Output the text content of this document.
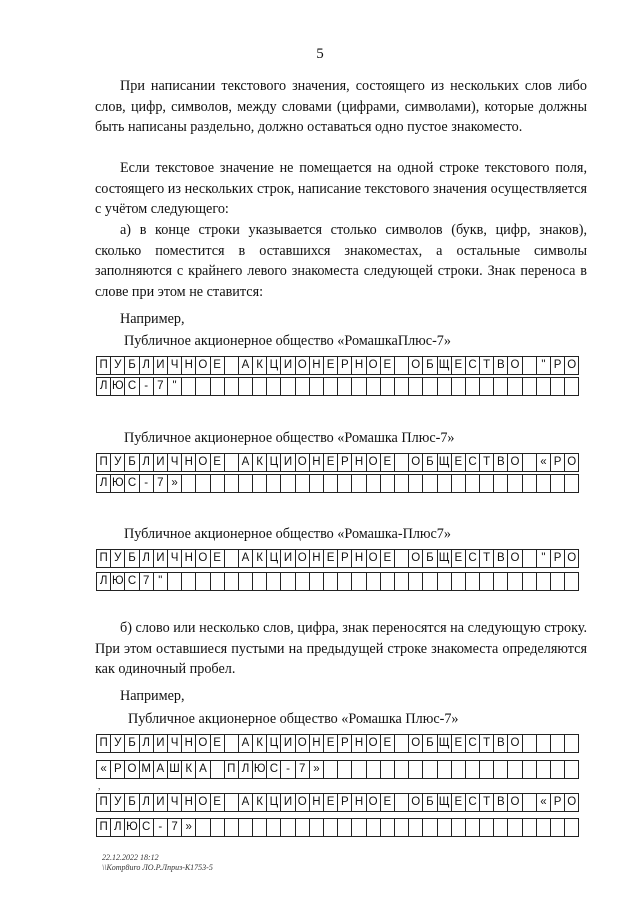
5

При написании текстового значения, состоящего из нескольких слов либо слов, цифр, символов, между словами (цифрами, символами), которые должны быть написаны раздельно, должно оставаться одно пустое знакоместо.

Если текстовое значение не помещается на одной строке текстового поля, состоящего из нескольких строк, написание текстового значения осуществляется с учётом следующего:

а) в конце строки указывается столько символов (букв, цифр, знаков), сколько поместится в оставшихся знакоместах, а остальные символы заполняются с крайнего левого знакоместа следующей строки. Знак переноса в слове при этом не ставится:

Например,

Публичное акционерное общество «РомашкаПлюс-7»
П У Б Л И Ч Н О Е	А К Ц И О Н Е Р Н О Е	О Б Щ Е С Т В О	" Р О
Л Ю С - 7 "
Публичное акционерное общество «Ромашка Плюс-7»
П У Б Л И Ч Н О Е	А К Ц И О Н Е Р Н О Е	О Б Щ Е С Т В О	« Р О
Л Ю С - 7 »
Публичное акционерное общество «Ромашка-Плюс7»
П У Б Л И Ч Н О Е	А К Ц И О Н Е Р Н О Е	О Б Щ Е С Т В О	" Р О
Л Ю С 7 "

б) слово или несколько слов, цифра, знак переносятся на следующую строку. При этом оставшиеся пустыми на предыдущей строке знакоместа определяются как одиночный пробел.

Например,

Публичное акционерное общество «Ромашка Плюс-7»
П У Б Л И Ч Н О Е	А К Ц И О Н Е Р Н О Е	О Б Щ Е С Т В О
« Р О М А Ш К А	П Л Ю С - 7 »
,
П У Б Л И Ч Н О Е	А К Ц И О Н Е Р Н О Е	О Б Щ Е С Т В О	« Р О
П Л Ю С - 7 »
22.12.2022 18:12
\\Komp8uro ЛО.Р.Лприз-К1753-5
